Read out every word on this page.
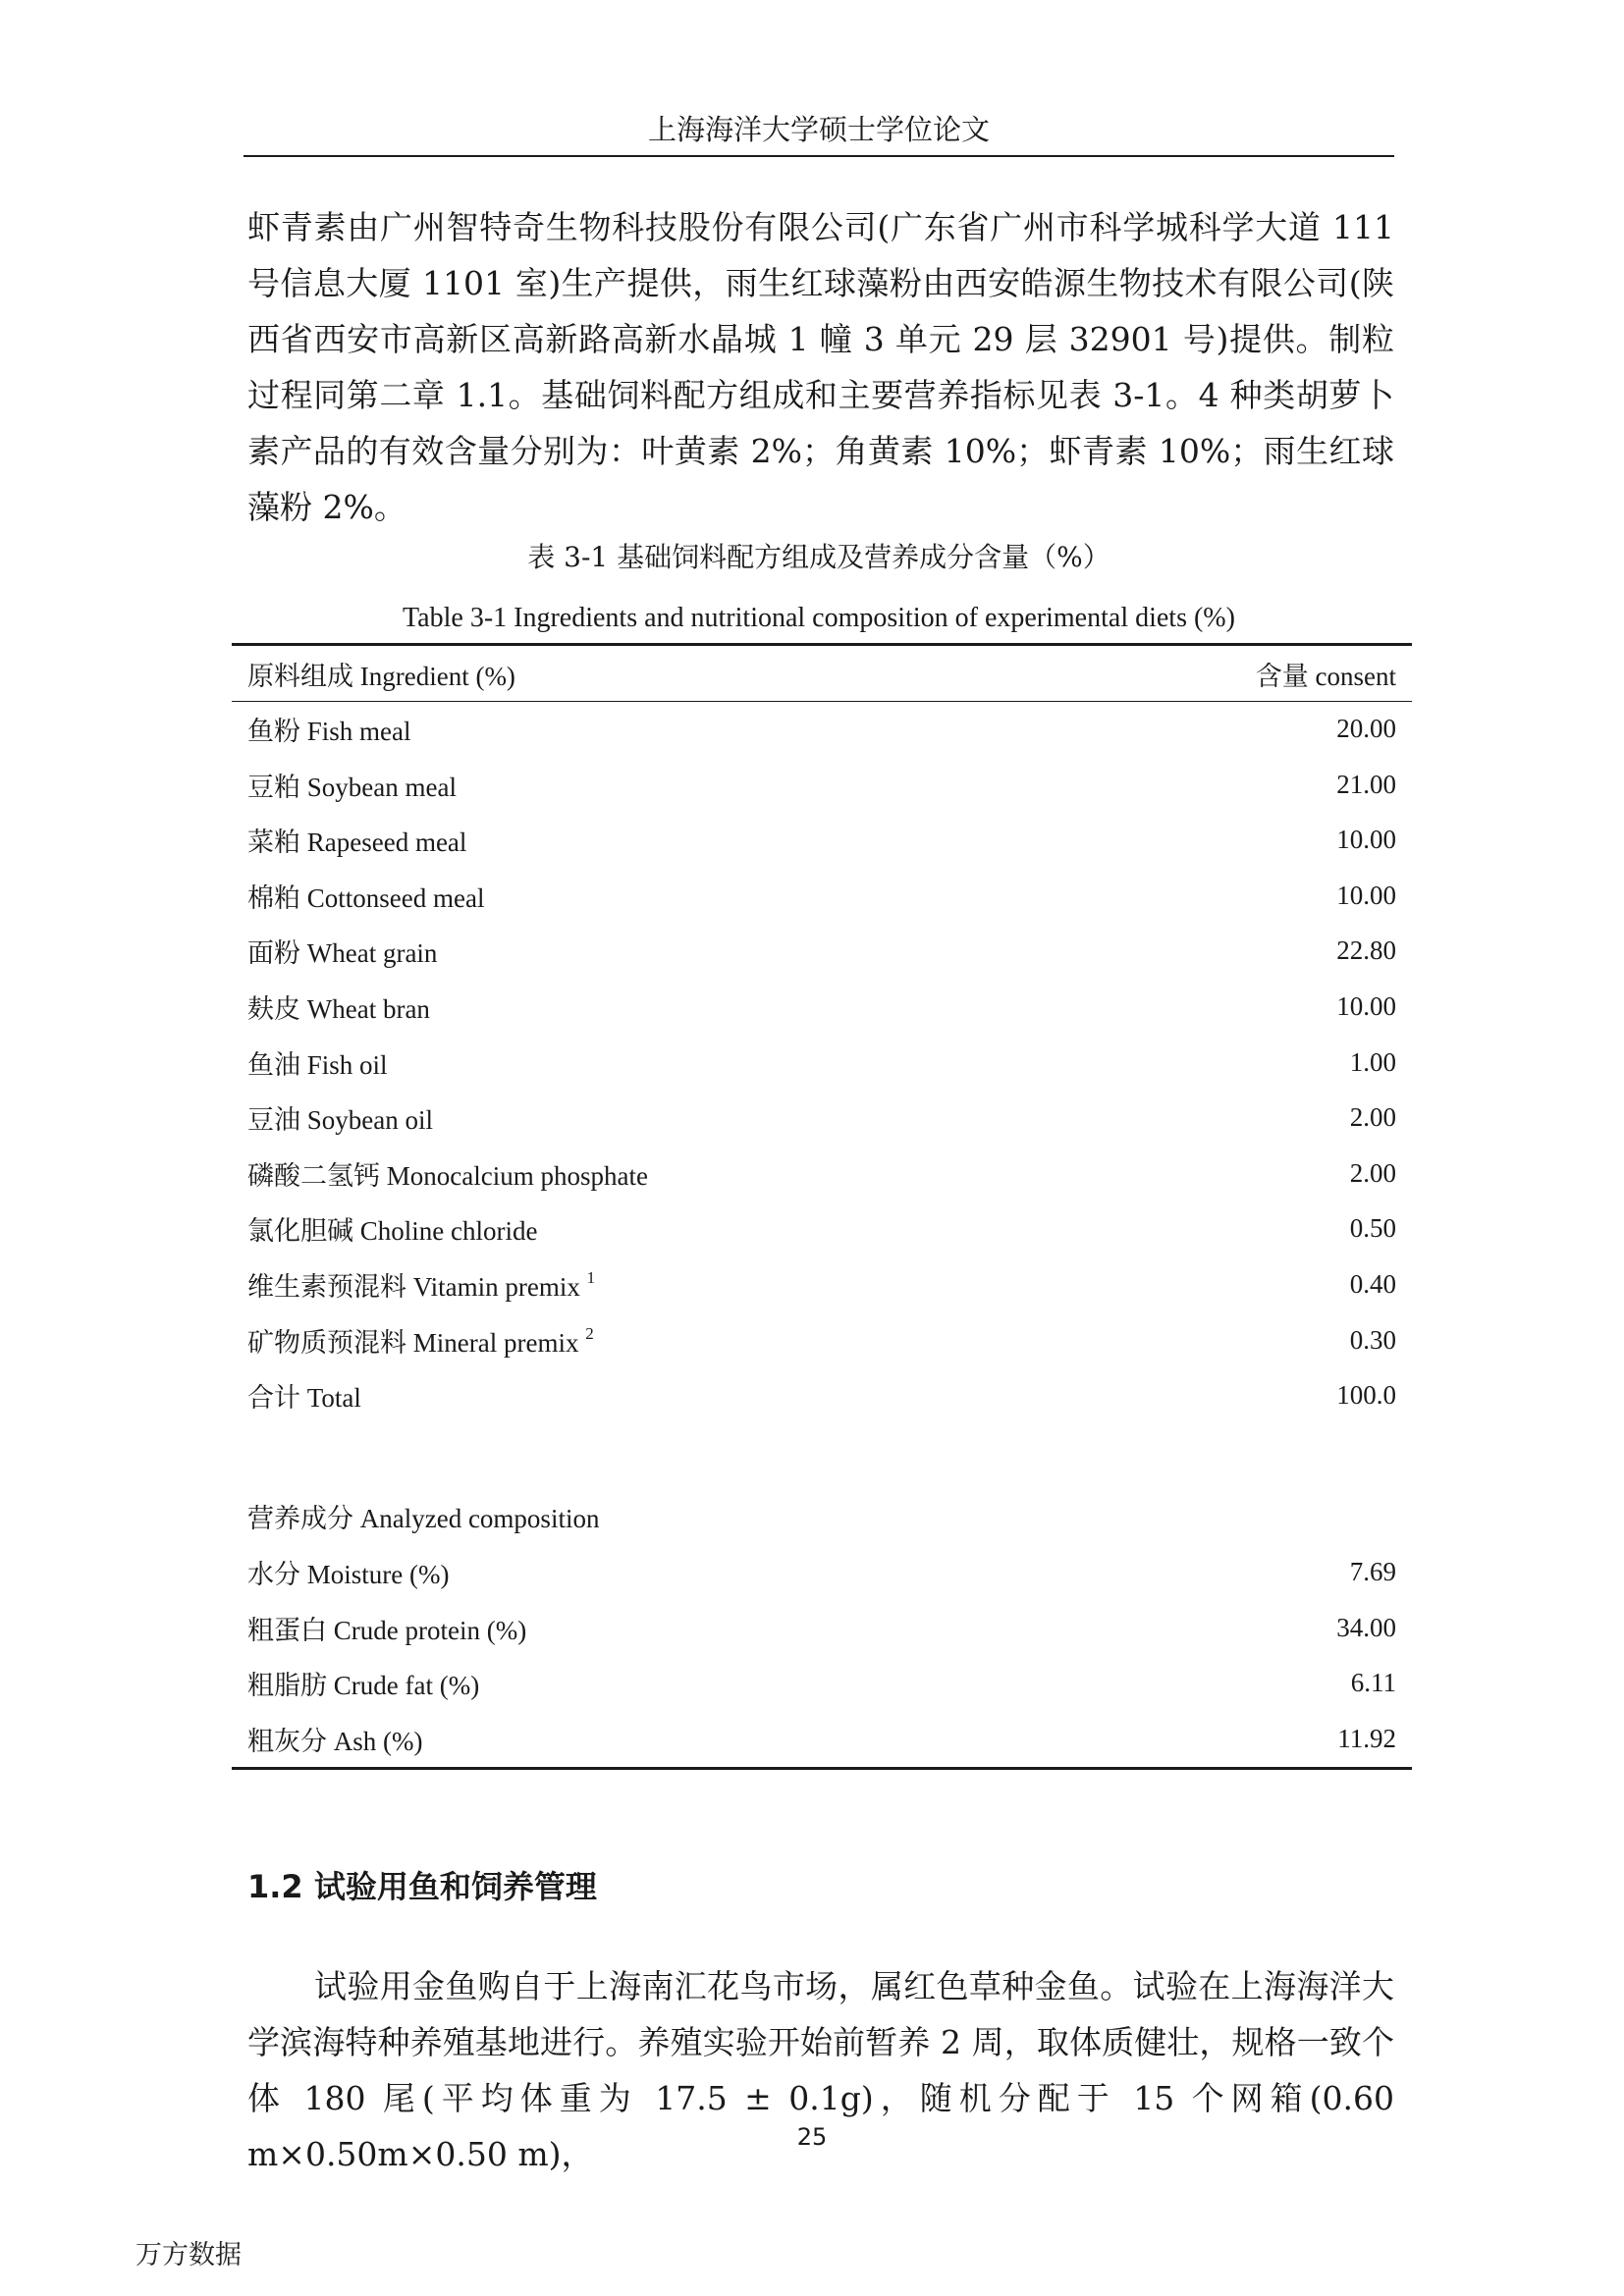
上海海洋大学硕士学位论文

虾青素由广州智特奇生物科技股份有限公司(广东省广州市科学城科学大道 111 号信息大厦 1101 室)生产提供，雨生红球藻粉由西安皓源生物技术有限公司(陕西省西安市高新区高新路高新水晶城 1 幢 3 单元 29 层 32901 号)提供。制粒过程同第二章 1.1。基础饲料配方组成和主要营养指标见表 3-1。4 种类胡萝卜素产品的有效含量分别为：叶黄素 2%；角黄素 10%；虾青素 10%；雨生红球藻粉 2%。

表 3-1 基础饲料配方组成及营养成分含量（%）
Table 3-1 Ingredients and nutritional composition of experimental diets (%)
原料组成 Ingredient (%)	含量 consent
鱼粉 Fish meal	20.00
豆粕 Soybean meal	21.00
菜粕 Rapeseed meal	10.00
棉粕 Cottonseed meal	10.00
面粉 Wheat grain	22.80
麸皮 Wheat bran	10.00
鱼油 Fish oil	1.00
豆油 Soybean oil	2.00
磷酸二氢钙 Monocalcium phosphate	2.00
氯化胆碱 Choline chloride	0.50
维生素预混料 Vitamin premix $^1$	0.40
矿物质预混料 Mineral premix $^2$	0.30
合计 Total	100.0
营养成分 Analyzed composition
水分 Moisture (%)	7.69
粗蛋白 Crude protein (%)	34.00
粗脂肪 Crude fat (%)	6.11
粗灰分 Ash (%)	11.92
1.2 试验用鱼和饲养管理

试验用金鱼购自于上海南汇花鸟市场，属红色草种金鱼。试验在上海海洋大学滨海特种养殖基地进行。养殖实验开始前暂养 2 周，取体质健壮，规格一致个体 180 尾(平均体重为 17.5 ± 0.1g)，随机分配于 15 个网箱(0.60 m×0.50m×0.50 m)，	25
万方数据
